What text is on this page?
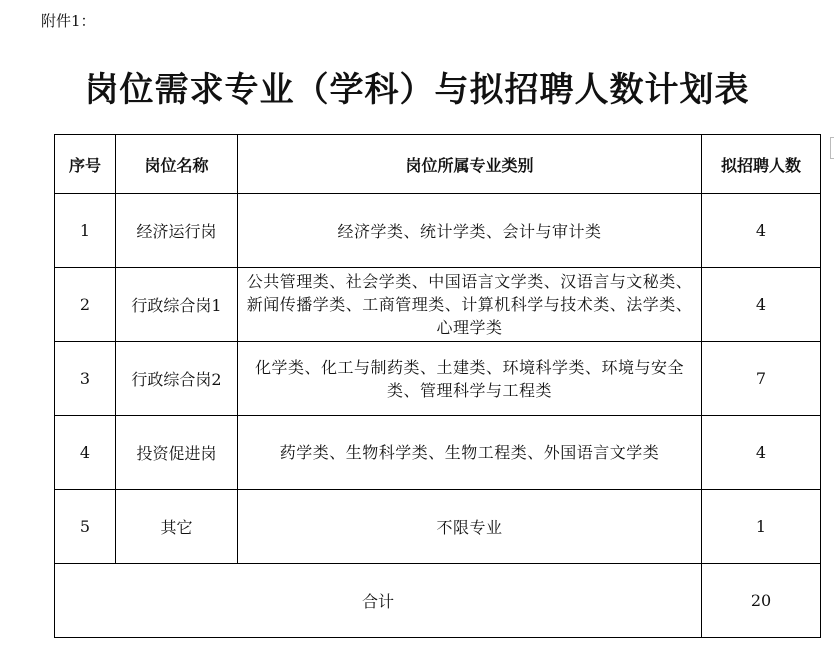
附件1：
岗位需求专业（学科）与拟招聘人数计划表
序号	岗位名称	岗位所属专业类别	拟招聘人数
1	经济运行岗	经济学类、统计学类、会计与审计类	4
2	行政综合岗1	公共管理类、社会学类、中国语言文学类、汉语言与文秘类、新闻传播学类、工商管理类、计算机科学与技术类、法学类、心理学类	4
3	行政综合岗2	化学类、化工与制药类、土建类、环境科学类、环境与安全类、管理科学与工程类	7
4	投资促进岗	药学类、生物科学类、生物工程类、外国语言文学类	4
5	其它	不限专业	1
合计			20
